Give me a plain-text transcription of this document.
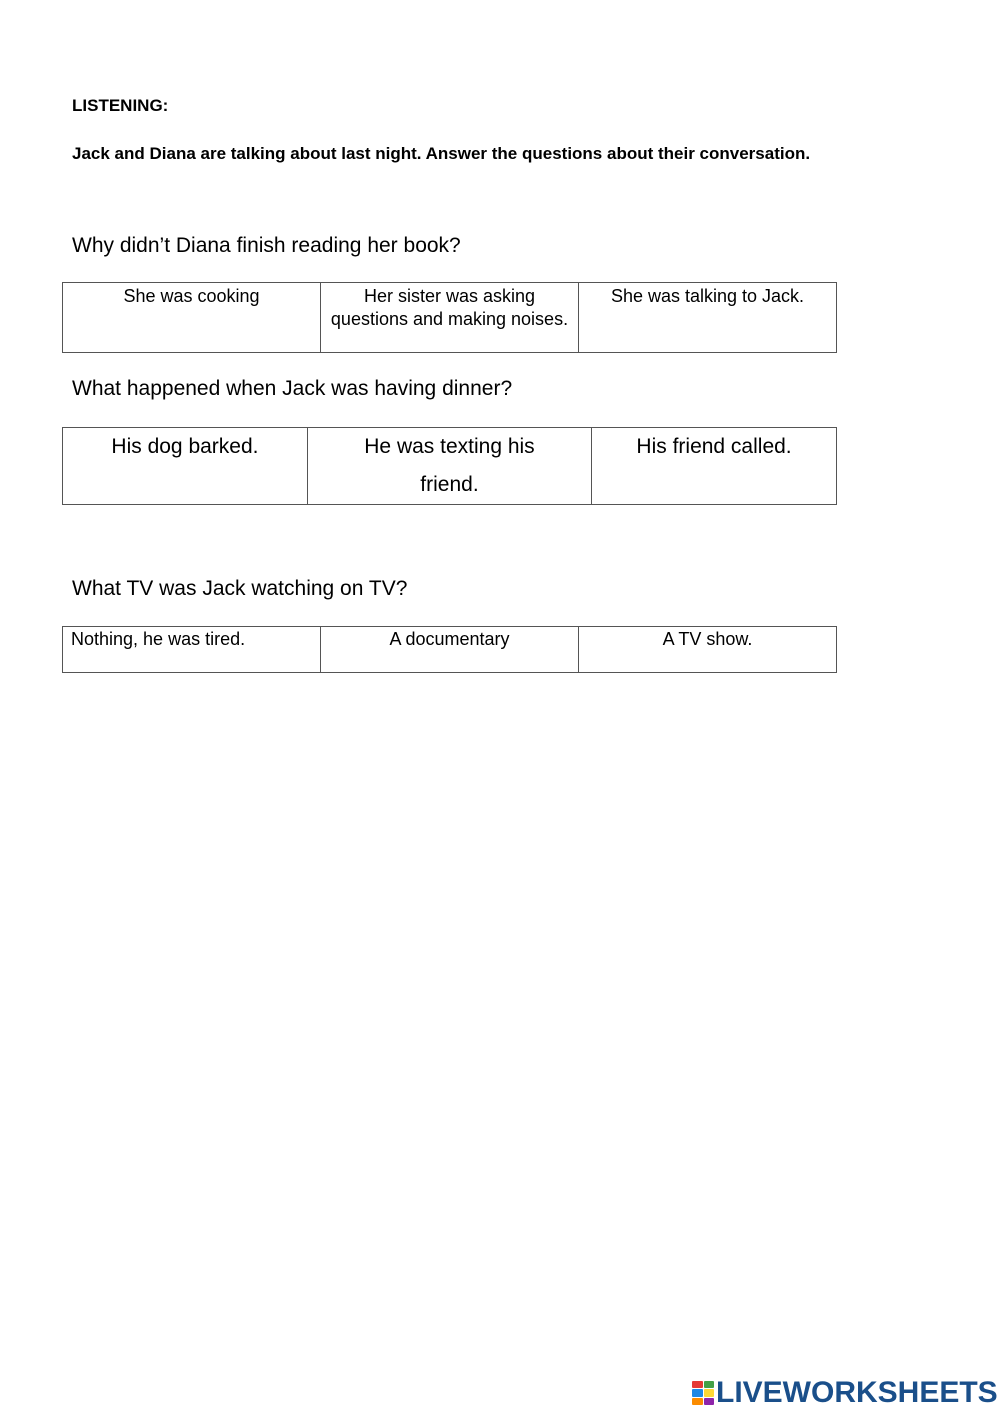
LISTENING:

Jack and Diana are talking about last night. Answer the questions about their conversation.

Why didn’t Diana finish reading her book?

She was cooking	Her sister was asking questions and making noises.	She was talking to Jack.

What happened when Jack was having dinner?

His dog barked.	He was texting his friend.	His friend called.

What TV was Jack watching on TV?

Nothing, he was tired.	A documentary	A TV show.
LIVEWORKSHEETS
